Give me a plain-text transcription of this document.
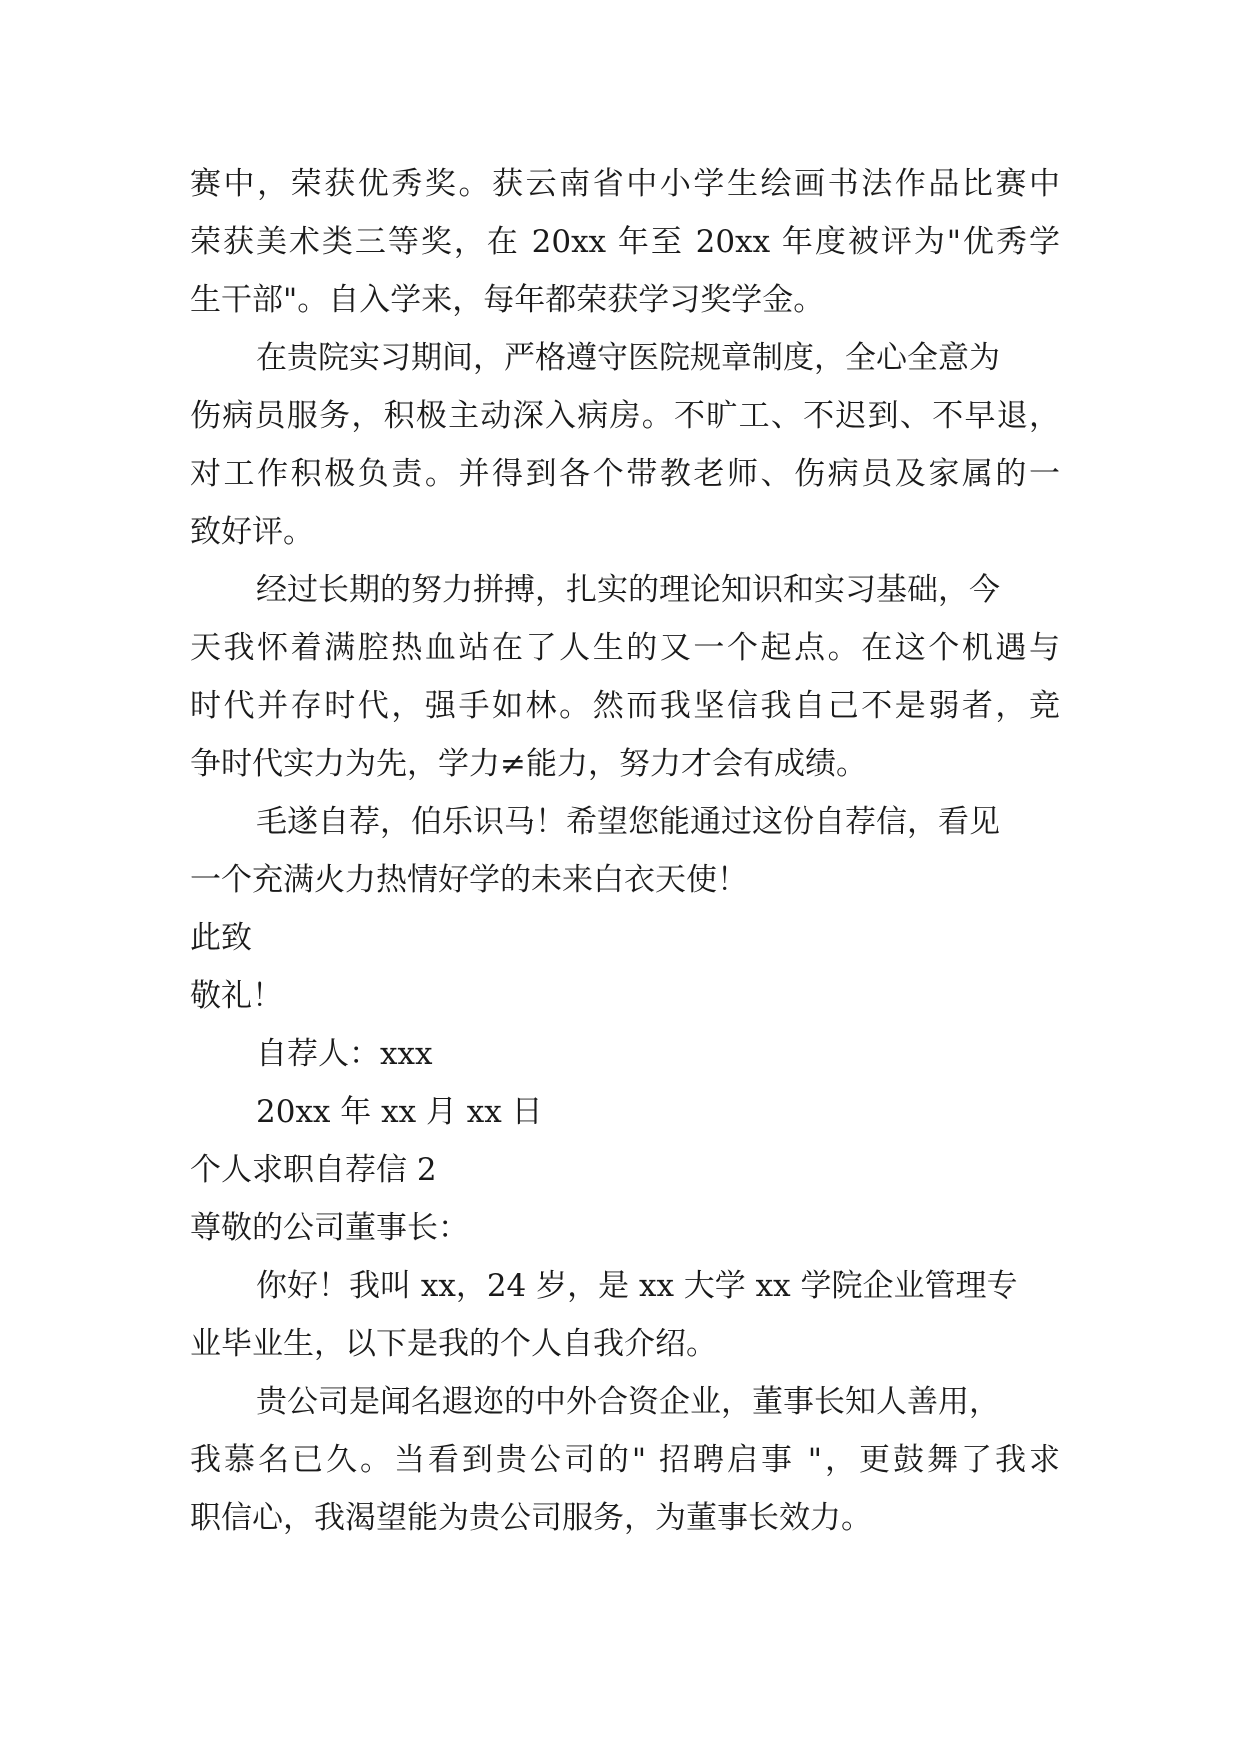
赛中，荣获优秀奖。获云南省中小学生绘画书法作品比赛中
荣获美术类三等奖，在 20xx 年至 20xx 年度被评为"优秀学
生干部"。自入学来，每年都荣获学习奖学金。
在贵院实习期间，严格遵守医院规章制度，全心全意为
伤病员服务，积极主动深入病房。不旷工、不迟到、不早退，
对工作积极负责。并得到各个带教老师、伤病员及家属的一
致好评。
经过长期的努力拼搏，扎实的理论知识和实习基础，今
天我怀着满腔热血站在了人生的又一个起点。在这个机遇与
时代并存时代，强手如林。然而我坚信我自己不是弱者，竞
争时代实力为先，学力≠能力，努力才会有成绩。
毛遂自荐，伯乐识马！希望您能通过这份自荐信，看见
一个充满火力热情好学的未来白衣天使！
此致
敬礼！
自荐人：xxx
20xx 年 xx 月 xx 日
个人求职自荐信 2
尊敬的公司董事长：
你好！我叫 xx，24 岁，是 xx 大学 xx 学院企业管理专
业毕业生，以下是我的个人自我介绍。
贵公司是闻名遐迩的中外合资企业，董事长知人善用，
我慕名已久。当看到贵公司的" 招聘启事 "，更鼓舞了我求
职信心，我渴望能为贵公司服务，为董事长效力。
